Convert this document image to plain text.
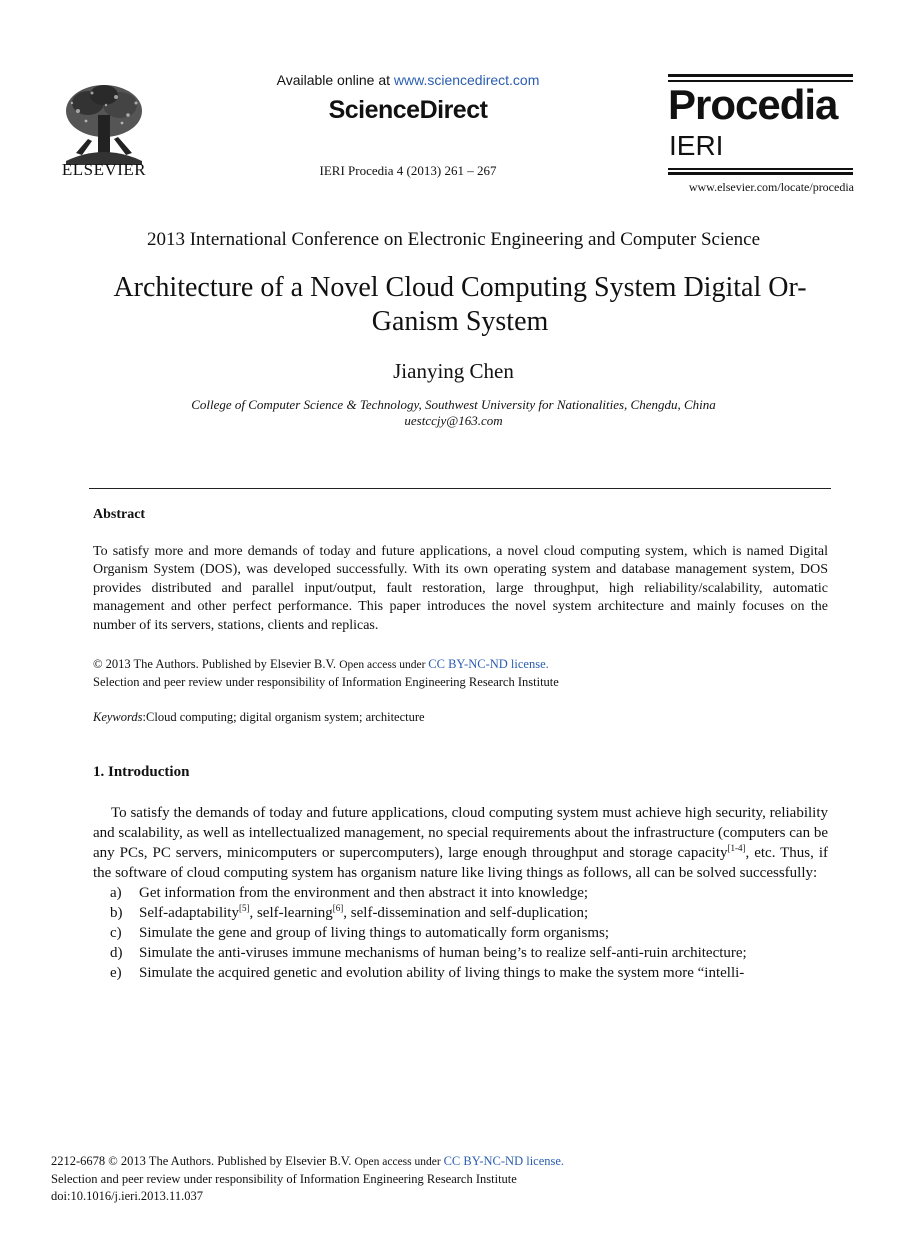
ELSEVIER
Available online at www.sciencedirect.com
ScienceDirect
IERI Procedia 4 (2013) 261 – 267
Procedia
IERI
www.elsevier.com/locate/procedia
2013 International Conference on Electronic Engineering and Computer Science
Architecture of a Novel Cloud Computing System Digital Or-
Ganism System
Jianying Chen
College of Computer Science & Technology, Southwest University for Nationalities, Chengdu, China
uestccjy@163.com
Abstract
To satisfy more and more demands of today and future applications, a novel cloud computing system, which is named Digital Organism System (DOS), was developed successfully. With its own operating system and database management system, DOS provides distributed and parallel input/output, fault restoration, large throughput, high reliability/scalability, automatic management and other perfect performance. This paper introduces the novel system architecture and mainly focuses on the number of its servers, stations, clients and replicas.
© 2013 The Authors. Published by Elsevier B.V. Open access under CC BY-NC-ND license.
Selection and peer review under responsibility of Information Engineering Research Institute
Keywords:Cloud computing; digital organism system; architecture
1. Introduction

To satisfy the demands of today and future applications, cloud computing system must achieve high security, reliability and scalability, as well as intellectualized management, no special requirements about the infrastructure (computers can be any PCs, PC servers, minicomputers or supercomputers), large enough throughput and storage capacity[1-4], etc. Thus, if the software of cloud computing system has organism nature like living things as follows, all can be solved successfully:

a) Get information from the environment and then abstract it into knowledge;
b) Self-adaptability[5], self-learning[6], self-dissemination and self-duplication;
c) Simulate the gene and group of living things to automatically form organisms;
d) Simulate the anti-viruses immune mechanisms of human being’s to realize self-anti-ruin architecture;
e) Simulate the acquired genetic and evolution ability of living things to make the system more “intelli-
2212-6678 © 2013 The Authors. Published by Elsevier B.V. Open access under CC BY-NC-ND license.
Selection and peer review under responsibility of Information Engineering Research Institute
doi:10.1016/j.ieri.2013.11.037
